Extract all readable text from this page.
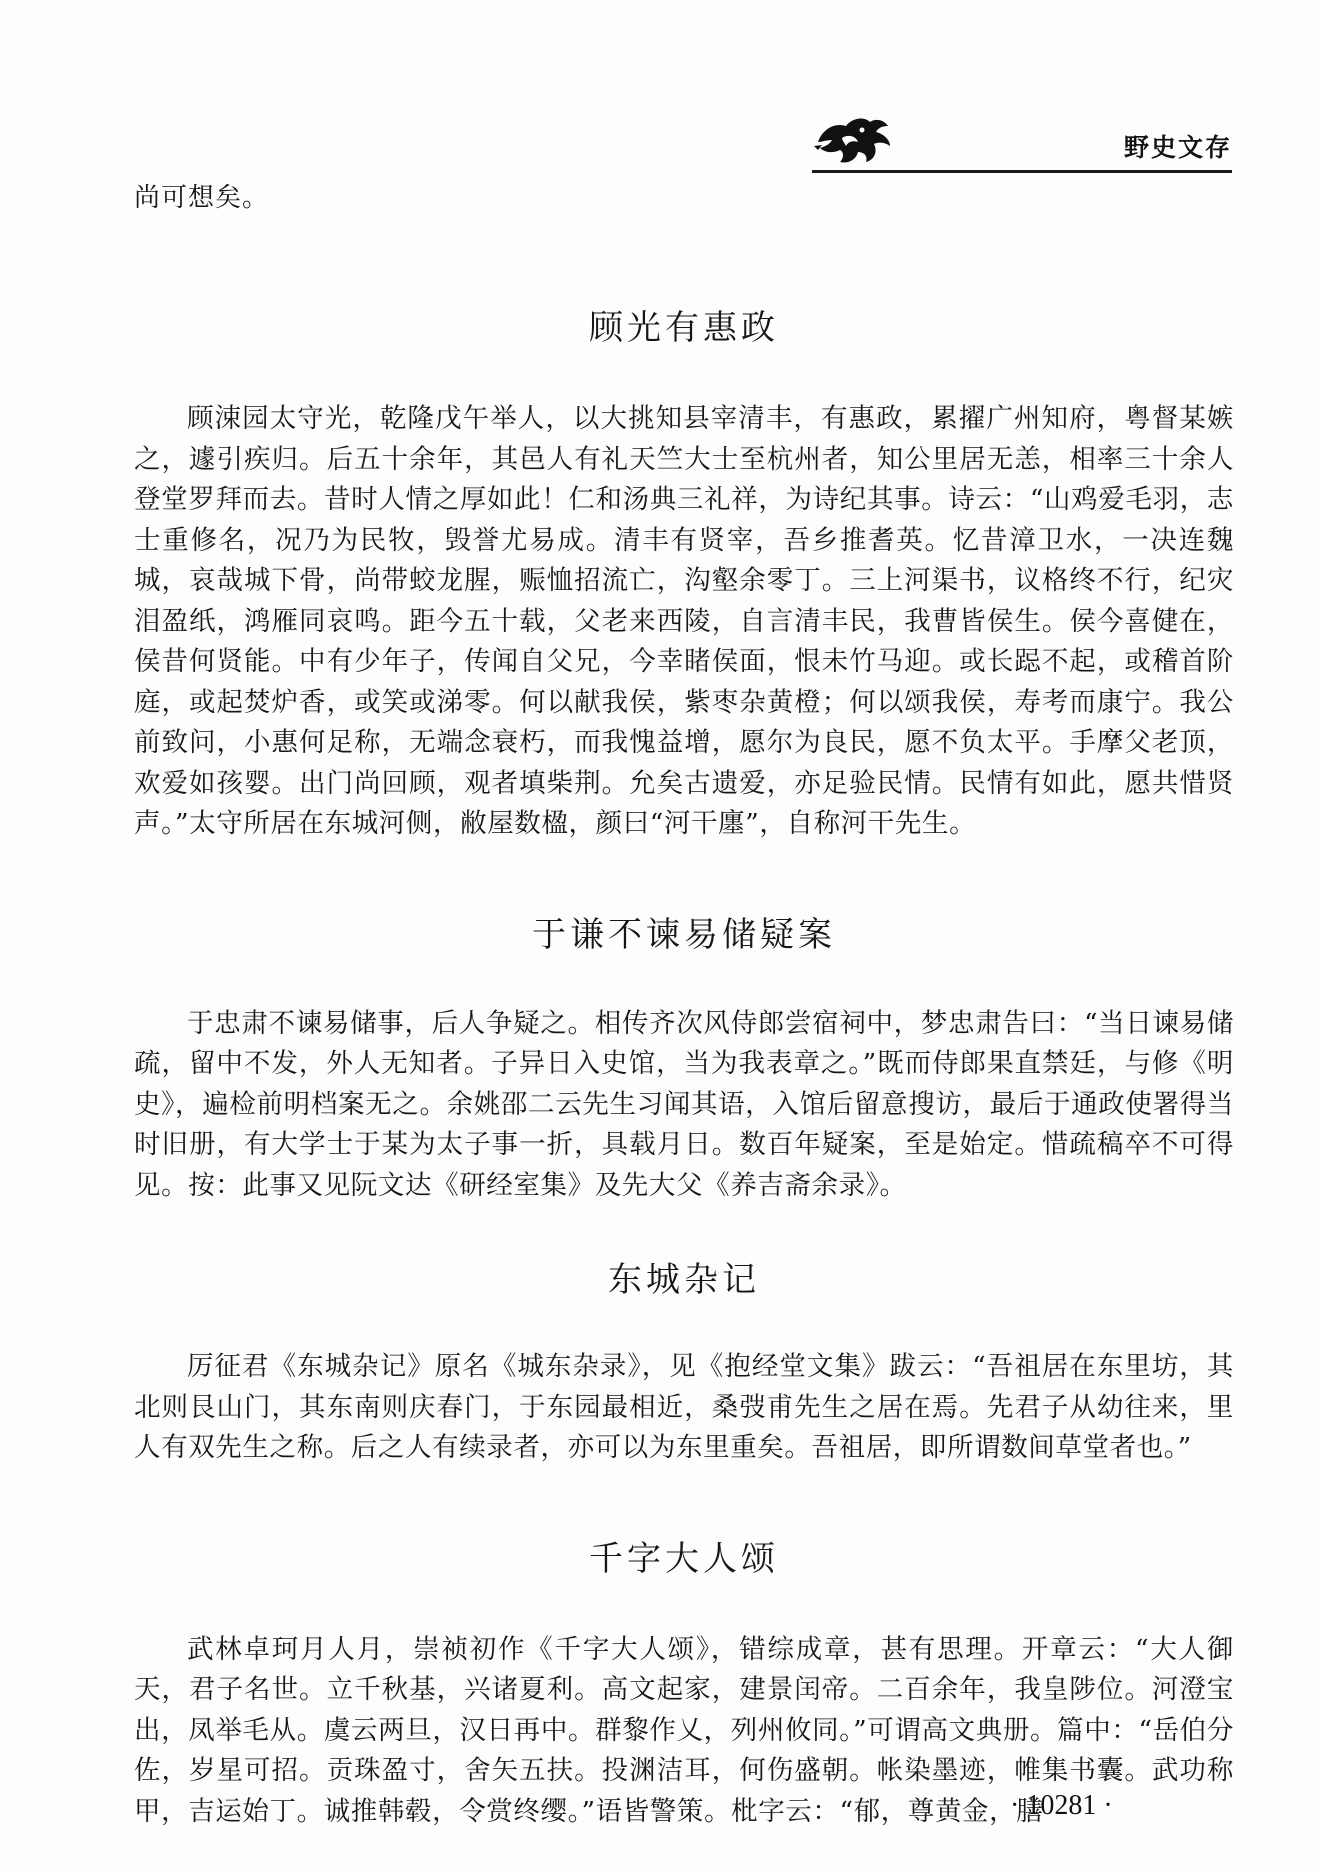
野史文存

尚可想矣。

顾光有惠政

顾涑园太守光，乾隆戊午举人，以大挑知县宰清丰，有惠政，累擢广州知府，粤督某嫉之，遽引疾归。后五十余年，其邑人有礼天竺大士至杭州者，知公里居无恙，相率三十余人登堂罗拜而去。昔时人情之厚如此！仁和汤典三礼祥，为诗纪其事。诗云：“山鸡爱毛羽，志士重修名，况乃为民牧，毁誉尤易成。清丰有贤宰，吾乡推耆英。忆昔漳卫水，一决连魏城，哀哉城下骨，尚带蛟龙腥，赈恤招流亡，沟壑余零丁。三上河渠书，议格终不行，纪灾泪盈纸，鸿雁同哀鸣。距今五十载，父老来西陵，自言清丰民，我曹皆侯生。侯今喜健在，侯昔何贤能。中有少年子，传闻自父兄，今幸睹侯面，恨未竹马迎。或长跽不起，或稽首阶庭，或起焚炉香，或笑或涕零。何以献我侯，紫枣杂黄橙；何以颂我侯，寿考而康宁。我公前致问，小惠何足称，无端念衰朽，而我愧益增，愿尔为良民，愿不负太平。手摩父老顶，欢爱如孩婴。出门尚回顾，观者填柴荆。允矣古遗爱，亦足验民情。民情有如此，愿共惜贤声。”太守所居在东城河侧，敝屋数楹，颜曰“河干廛”，自称河干先生。

于谦不谏易储疑案

于忠肃不谏易储事，后人争疑之。相传齐次风侍郎尝宿祠中，梦忠肃告曰：“当日谏易储疏，留中不发，外人无知者。子异日入史馆，当为我表章之。”既而侍郎果直禁廷，与修《明史》，遍检前明档案无之。余姚邵二云先生习闻其语，入馆后留意搜访，最后于通政使署得当时旧册，有大学士于某为太子事一折，具载月日。数百年疑案，至是始定。惜疏稿卒不可得见。按：此事又见阮文达《研经室集》及先大父《养吉斋余录》。

东城杂记

厉征君《东城杂记》原名《城东杂录》，见《抱经堂文集》跋云：“吾祖居在东里坊，其北则艮山门，其东南则庆春门，于东园最相近，桑弢甫先生之居在焉。先君子从幼往来，里人有双先生之称。后之人有续录者，亦可以为东里重矣。吾祖居，即所谓数间草堂者也。”

千字大人颂

武林卓珂月人月，崇祯初作《千字大人颂》，错综成章，甚有思理。开章云：“大人御天，君子名世。立千秋基，兴诸夏利。高文起家，建景闰帝。二百余年，我皇陟位。河澄宝出，凤举毛从。虞云两旦，汉日再中。群黎作乂，列州攸同。”可谓高文典册。篇中：“岳伯分佐，岁星可招。贡珠盈寸，舍矢五扶。投渊洁耳，何伤盛朝。帐染墨迹，帷集书囊。武功称甲，吉运始丁。诚推韩毂，令赏终缨。”语皆警策。枇字云：“郁，尊黄金，膳

· 10281 ·
